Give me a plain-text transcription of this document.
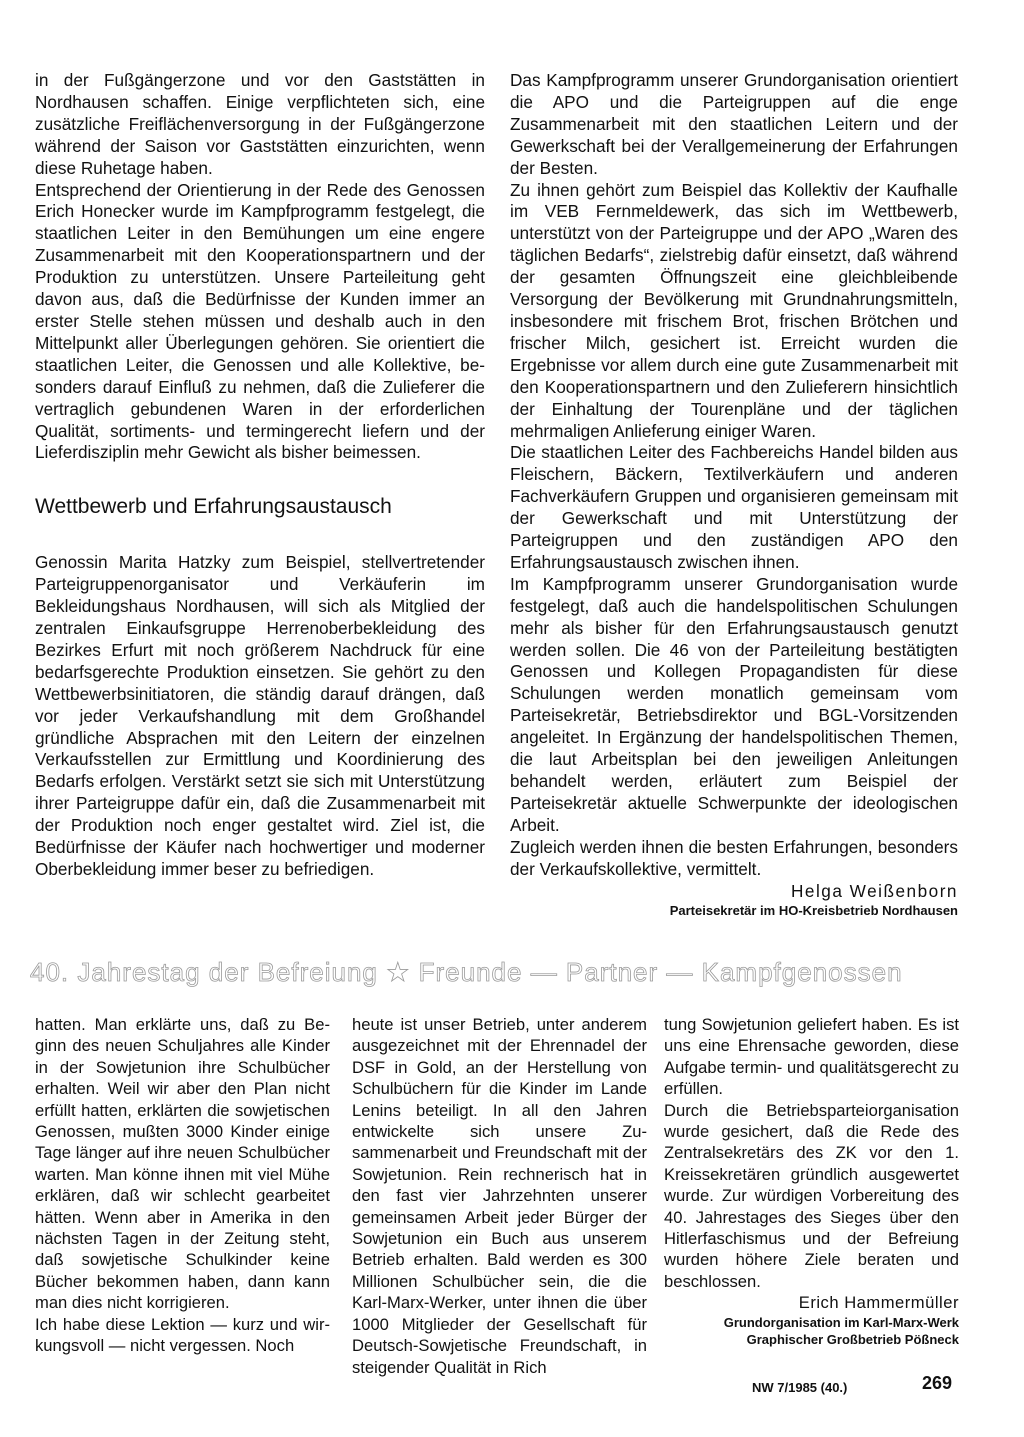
in der Fußgängerzone und vor den Gaststätten in Nordhausen schaffen. Einige verpflichteten sich, eine zusätzliche Freiflächenversorgung in der Fußgängerzone während der Saison vor Gaststätten einzurichten, wenn diese Ruhetage haben.

Entsprechend der Orientierung in der Rede des Genossen Erich Honecker wurde im Kampfprogramm festgelegt, die staatlichen Leiter in den Bemühungen um eine engere Zusammenarbeit mit den Kooperationspartnern und der Produktion zu unterstützen. Unsere Parteileitung geht davon aus, daß die Bedürfnisse der Kunden immer an erster Stelle stehen müssen und deshalb auch in den Mittelpunkt aller Überlegungen gehören. Sie orientiert die staatlichen Leiter, die Genossen und alle Kollektive, besonders darauf Einfluß zu nehmen, daß die Zulieferer die vertraglich gebundenen Waren in der erforderlichen Qualität, sortiments- und termingerecht liefern und der Lieferdisziplin mehr Gewicht als bisher beimessen.

Wettbewerb und Erfahrungsaustausch

Genossin Marita Hatzky zum Beispiel, stellvertretender Parteigruppenorganisator und Verkäuferin im Bekleidungshaus Nordhausen, will sich als Mitglied der zentralen Einkaufsgruppe Herrenoberbekleidung des Bezirkes Erfurt mit noch größerem Nachdruck für eine bedarfsgerechte Produktion einsetzen. Sie gehört zu den Wettbewerbsinitiatoren, die ständig darauf drängen, daß vor jeder Verkaufshandlung mit dem Großhandel gründliche Absprachen mit den Leitern der einzelnen Verkaufsstellen zur Ermittlung und Koordinierung des Bedarfs erfolgen. Verstärkt setzt sie sich mit Unterstützung ihrer Parteigruppe dafür ein, daß die Zusammenarbeit mit der Produktion noch enger gestaltet wird. Ziel ist, die Bedürfnisse der Käufer nach hochwertiger und moderner Oberbekleidung immer beser zu befriedigen.

Das Kampfprogramm unserer Grundorganisation orientiert die APO und die Parteigruppen auf die enge Zusammenarbeit mit den staatlichen Leitern und der Gewerkschaft bei der Verallgemeinerung der Erfahrungen der Besten.

Zu ihnen gehört zum Beispiel das Kollektiv der Kaufhalle im VEB Fernmeldewerk, das sich im Wettbewerb, unterstützt von der Parteigruppe und der APO „Waren des täglichen Bedarfs“, zielstrebig dafür einsetzt, daß während der gesamten Öffnungszeit eine gleichbleibende Versorgung der Bevölkerung mit Grundnahrungsmitteln, insbesondere mit frischem Brot, frischen Brötchen und frischer Milch, gesichert ist. Erreicht wurden die Ergebnisse vor allem durch eine gute Zusammenarbeit mit den Kooperationspartnern und den Zulieferern hinsichtlich der Einhaltung der Tourenpläne und der täglichen mehrmaligen Anlieferung einiger Waren.

Die staatlichen Leiter des Fachbereichs Handel bilden aus Fleischern, Bäckern, Textilverkäufern und anderen Fachverkäufern Gruppen und organisieren gemeinsam mit der Gewerkschaft und mit Unterstützung der Parteigruppen und den zuständigen APO den Erfahrungsaustausch zwischen ihnen.

Im Kampfprogramm unserer Grundorganisation wurde festgelegt, daß auch die handelspolitischen Schulungen mehr als bisher für den Erfahrungsaustausch genutzt werden sollen. Die 46 von der Parteileitung bestätigten Genossen und Kollegen Propagandisten für diese Schulungen werden monatlich gemeinsam vom Parteisekretär, Betriebsdirektor und BGL-Vorsitzenden angeleitet. In Ergänzung der handelspolitischen Themen, die laut Arbeitsplan bei den jeweiligen Anleitungen behandelt werden, erläutert zum Beispiel der Parteisekretär aktuelle Schwerpunkte der ideologischen Arbeit.

Zugleich werden ihnen die besten Erfahrungen, besonders der Verkaufskollektive, vermittelt.

Helga Weißenborn

Parteisekretär im HO-Kreisbetrieb Nordhausen

40. Jahrestag der Befreiung ★ Freunde — Partner — Kampfgenossen

hatten. Man erklärte uns, daß zu Beginn des neuen Schuljahres alle Kinder in der Sowjetunion ihre Schulbücher erhalten. Weil wir aber den Plan nicht erfüllt hatten, erklärten die sowjetischen Genossen, mußten 3000 Kinder einige Tage länger auf ihre neuen Schulbücher warten. Man könne ihnen mit viel Mühe erklären, daß wir schlecht gearbeitet hätten. Wenn aber in Amerika in den nächsten Tagen in der Zeitung steht, daß sowjetische Schulkinder keine Bücher bekommen haben, dann kann man dies nicht korrigieren.

Ich habe diese Lektion — kurz und wirkungsvoll — nicht vergessen. Noch

heute ist unser Betrieb, unter anderem ausgezeichnet mit der Ehrennadel der DSF in Gold, an der Herstellung von Schulbüchern für die Kinder im Lande Lenins beteiligt. In all den Jahren entwickelte sich unsere Zusammenarbeit und Freundschaft mit der Sowjetunion. Rein rechnerisch hat in den fast vier Jahrzehnten unserer gemeinsamen Arbeit jeder Bürger der Sowjetunion ein Buch aus unserem Betrieb erhalten. Bald werden es 300 Millionen Schulbücher sein, die die Karl-Marx-Werker, unter ihnen die über 1000 Mitglieder der Gesellschaft für Deutsch-Sowjetische Freundschaft, in steigender Qualität in Rich

tung Sowjetunion geliefert haben. Es ist uns eine Ehrensache geworden, diese Aufgabe termin- und qualitätsgerecht zu erfüllen.

Durch die Betriebsparteiorganisation wurde gesichert, daß die Rede des Zentralsekretärs des ZK vor den 1. Kreissekretären gründlich ausgewertet wurde. Zur würdigen Vorbereitung des 40. Jahrestages des Sieges über den Hitlerfaschismus und der Befreiung wurden höhere Ziele beraten und beschlossen.

Erich Hammermüller

Grundorganisation im Karl-Marx-Werk

Graphischer Großbetrieb Pößneck

NW 7/1985 (40.)	269
